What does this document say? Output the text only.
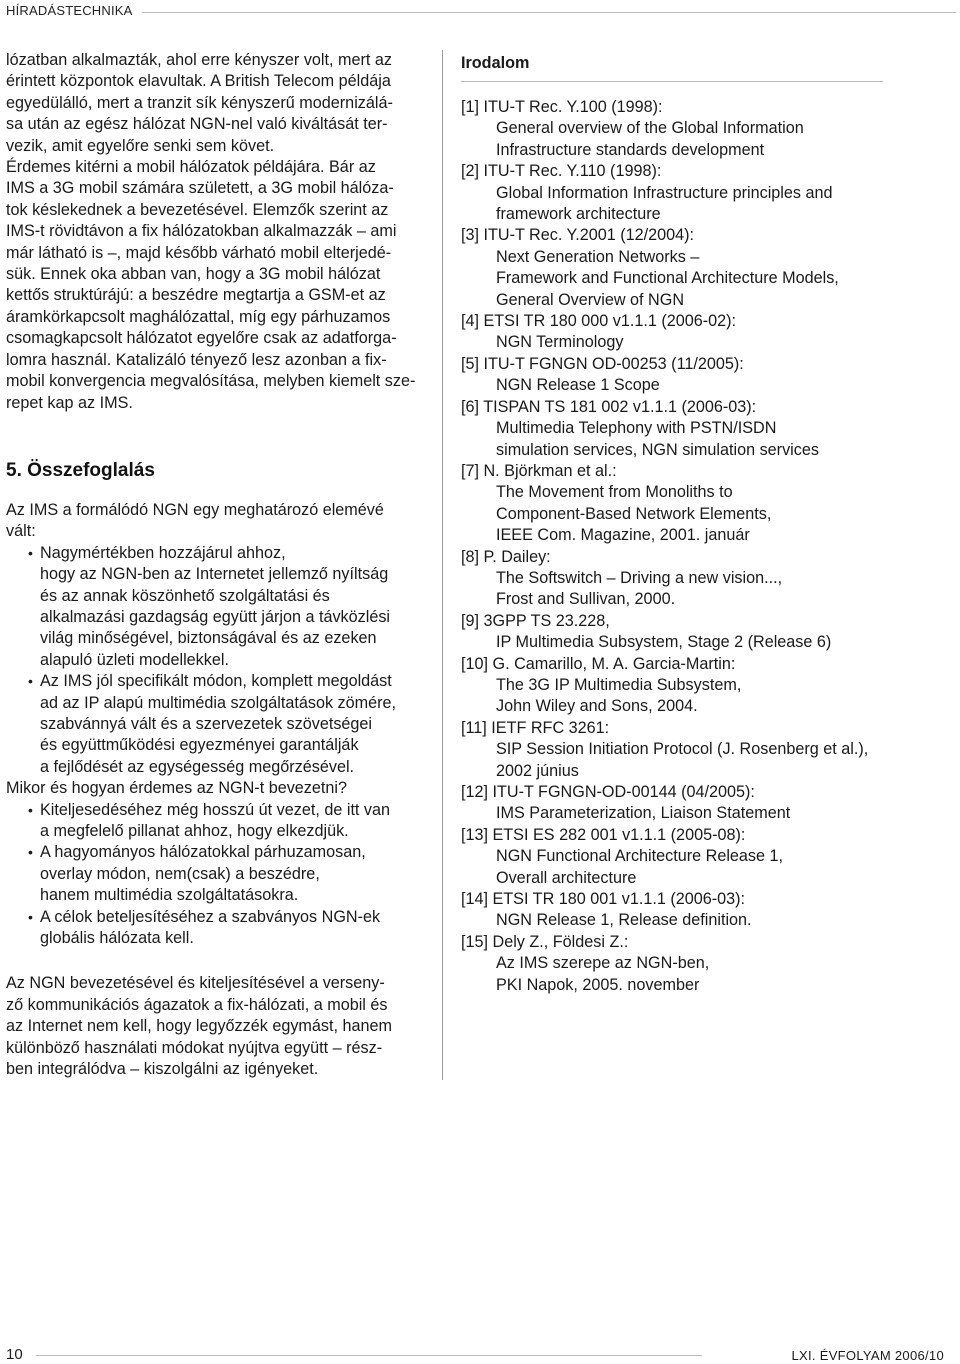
HÍRADÁSTECHNIKA

lózatban alkalmazták, ahol erre kényszer volt, mert az
érintett központok elavultak. A British Telecom példája
egyedülálló, mert a tranzit sík kényszerű modernizálá-
sa után az egész hálózat NGN-nel való kiváltását ter-
vezik, amit egyelőre senki sem követ.

Érdemes kitérni a mobil hálózatok példájára. Bár az
IMS a 3G mobil számára született, a 3G mobil hálóza-
tok késlekednek a bevezetésével. Elemzők szerint az
IMS-t rövidtávon a fix hálózatokban alkalmazzák – ami
már látható is –, majd később várható mobil elterjedé-
sük. Ennek oka abban van, hogy a 3G mobil hálózat
kettős struktúrájú: a beszédre megtartja a GSM-et az
áramkörkapcsolt maghálózattal, míg egy párhuzamos
csomagkapcsolt hálózatot egyelőre csak az adatforga-
lomra használ. Katalizáló tényező lesz azonban a fix-
mobil konvergencia megvalósítása, melyben kiemelt sze-
repet kap az IMS.

5. Összefoglalás

Az IMS a formálódó NGN egy meghatározó elemévé
vált:

• Nagymértékben hozzájárul ahhoz,
hogy az NGN-ben az Internetet jellemző nyíltság
és az annak köszönhető szolgáltatási és
alkalmazási gazdagság együtt járjon a távközlési
világ minőségével, biztonságával és az ezeken
alapuló üzleti modellekkel.
• Az IMS jól specifikált módon, komplett megoldást
ad az IP alapú multimédia szolgáltatások zömére,
szabvánnyá vált és a szervezetek szövetségei
és együttműködési egyezményei garantálják
a fejlődését az egységesség megőrzésével.

Mikor és hogyan érdemes az NGN-t bevezetni?

• Kiteljesedéséhez még hosszú út vezet, de itt van
a megfelelő pillanat ahhoz, hogy elkezdjük.
• A hagyományos hálózatokkal párhuzamosan,
overlay módon, nem(csak) a beszédre,
hanem multimédia szolgáltatásokra.
• A célok beteljesítéséhez a szabványos NGN-ek
globális hálózata kell.

Az NGN bevezetésével és kiteljesítésével a verseny-
ző kommunikációs ágazatok a fix-hálózati, a mobil és
az Internet nem kell, hogy legyőzzék egymást, hanem
különböző használati módokat nyújtva együtt – rész-
ben integrálódva – kiszolgálni az igényeket.

Irodalom
[1] ITU-T Rec. Y.100 (1998):
General overview of the Global Information
Infrastructure standards development
[2] ITU-T Rec. Y.110 (1998):
Global Information Infrastructure principles and
framework architecture
[3] ITU-T Rec. Y.2001 (12/2004):
Next Generation Networks –
Framework and Functional Architecture Models,
General Overview of NGN
[4] ETSI TR 180 000 v1.1.1 (2006-02):
NGN Terminology
[5] ITU-T FGNGN OD-00253 (11/2005):
NGN Release 1 Scope
[6] TISPAN TS 181 002 v1.1.1 (2006-03):
Multimedia Telephony with PSTN/ISDN
simulation services, NGN simulation services
[7] N. Björkman et al.:
The Movement from Monoliths to
Component-Based Network Elements,
IEEE Com. Magazine, 2001. január
[8] P. Dailey:
The Softswitch – Driving a new vision...,
Frost and Sullivan, 2000.
[9] 3GPP TS 23.228,
IP Multimedia Subsystem, Stage 2 (Release 6)
[10] G. Camarillo, M. A. Garcia-Martin:
The 3G IP Multimedia Subsystem,
John Wiley and Sons, 2004.
[11] IETF RFC 3261:
SIP Session Initiation Protocol (J. Rosenberg et al.),
2002 június
[12] ITU-T FGNGN-OD-00144 (04/2005):
IMS Parameterization, Liaison Statement
[13] ETSI ES 282 001 v1.1.1 (2005-08):
NGN Functional Architecture Release 1,
Overall architecture
[14] ETSI TR 180 001 v1.1.1 (2006-03):
NGN Release 1, Release definition.
[15] Dely Z., Földesi Z.:
Az IMS szerepe az NGN-ben,
PKI Napok, 2005. november
10	LXI. ÉVFOLYAM 2006/10
